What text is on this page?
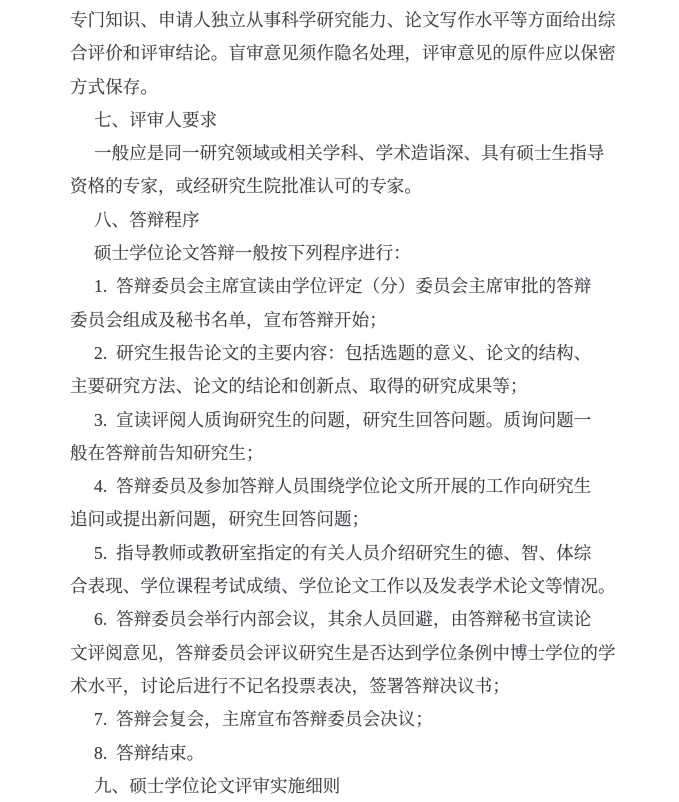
专门知识、申请人独立从事科学研究能力、论文写作水平等方面给出综
合评价和评审结论。盲审意见须作隐名处理，评审意见的原件应以保密
方式保存。
七、评审人要求
一般应是同一研究领域或相关学科、学术造诣深、具有硕士生指导
资格的专家，或经研究生院批准认可的专家。
八、答辩程序
硕士学位论文答辩一般按下列程序进行：
1. 答辩委员会主席宣读由学位评定（分）委员会主席审批的答辩
委员会组成及秘书名单，宣布答辩开始；
2. 研究生报告论文的主要内容：包括选题的意义、论文的结构、
主要研究方法、论文的结论和创新点、取得的研究成果等；
3. 宣读评阅人质询研究生的问题，研究生回答问题。质询问题一
般在答辩前告知研究生；
4. 答辩委员及参加答辩人员围绕学位论文所开展的工作向研究生
追问或提出新问题，研究生回答问题；
5. 指导教师或教研室指定的有关人员介绍研究生的德、智、体综
合表现、学位课程考试成绩、学位论文工作以及发表学术论文等情况。
6. 答辩委员会举行内部会议，其余人员回避，由答辩秘书宣读论
文评阅意见，答辩委员会评议研究生是否达到学位条例中博士学位的学
术水平，讨论后进行不记名投票表决，签署答辩决议书；
7. 答辩会复会，主席宣布答辩委员会决议；
8. 答辩结束。
九、硕士学位论文评审实施细则
